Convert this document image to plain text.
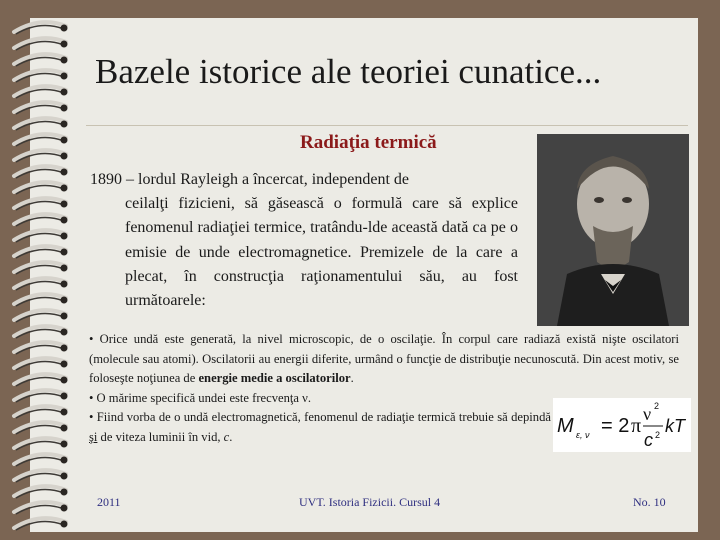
Bazele istorice ale teoriei cunatice...
Radiaţia termică
1890 – lordul Rayleigh a încercat, independent de
ceilalţi fizicieni, să găsească o formulă care să explice fenomenul radiaţiei termice, tratându-lde această dată ca pe o emisie de unde electromagnetice. Premizele de la care a plecat, în construcţia raţionamentului său, au fost următoarele:

• Orice undă este generată, la nivel microscopic, de o oscilaţie. În corpul care radiază există nişte oscilatori (molecule sau atomi). Oscilatorii au energii diferite, urmând o funcţie de distribuţie necunoscută. Din acest motiv, se foloseşte noţiunea de energie medie a oscilatorilor.

• O mărime specifică undei este frecvenţa ν.

• Fiind vorba de o undă electromagnetică, fenomenul de radiaţie termică trebuie să depindă şi de viteza luminii în vid, c.	M ε, ν = 2 π
ν 2
c 2 kT
2011	UVT. Istoria Fizicii. Cursul 4	No. 10
